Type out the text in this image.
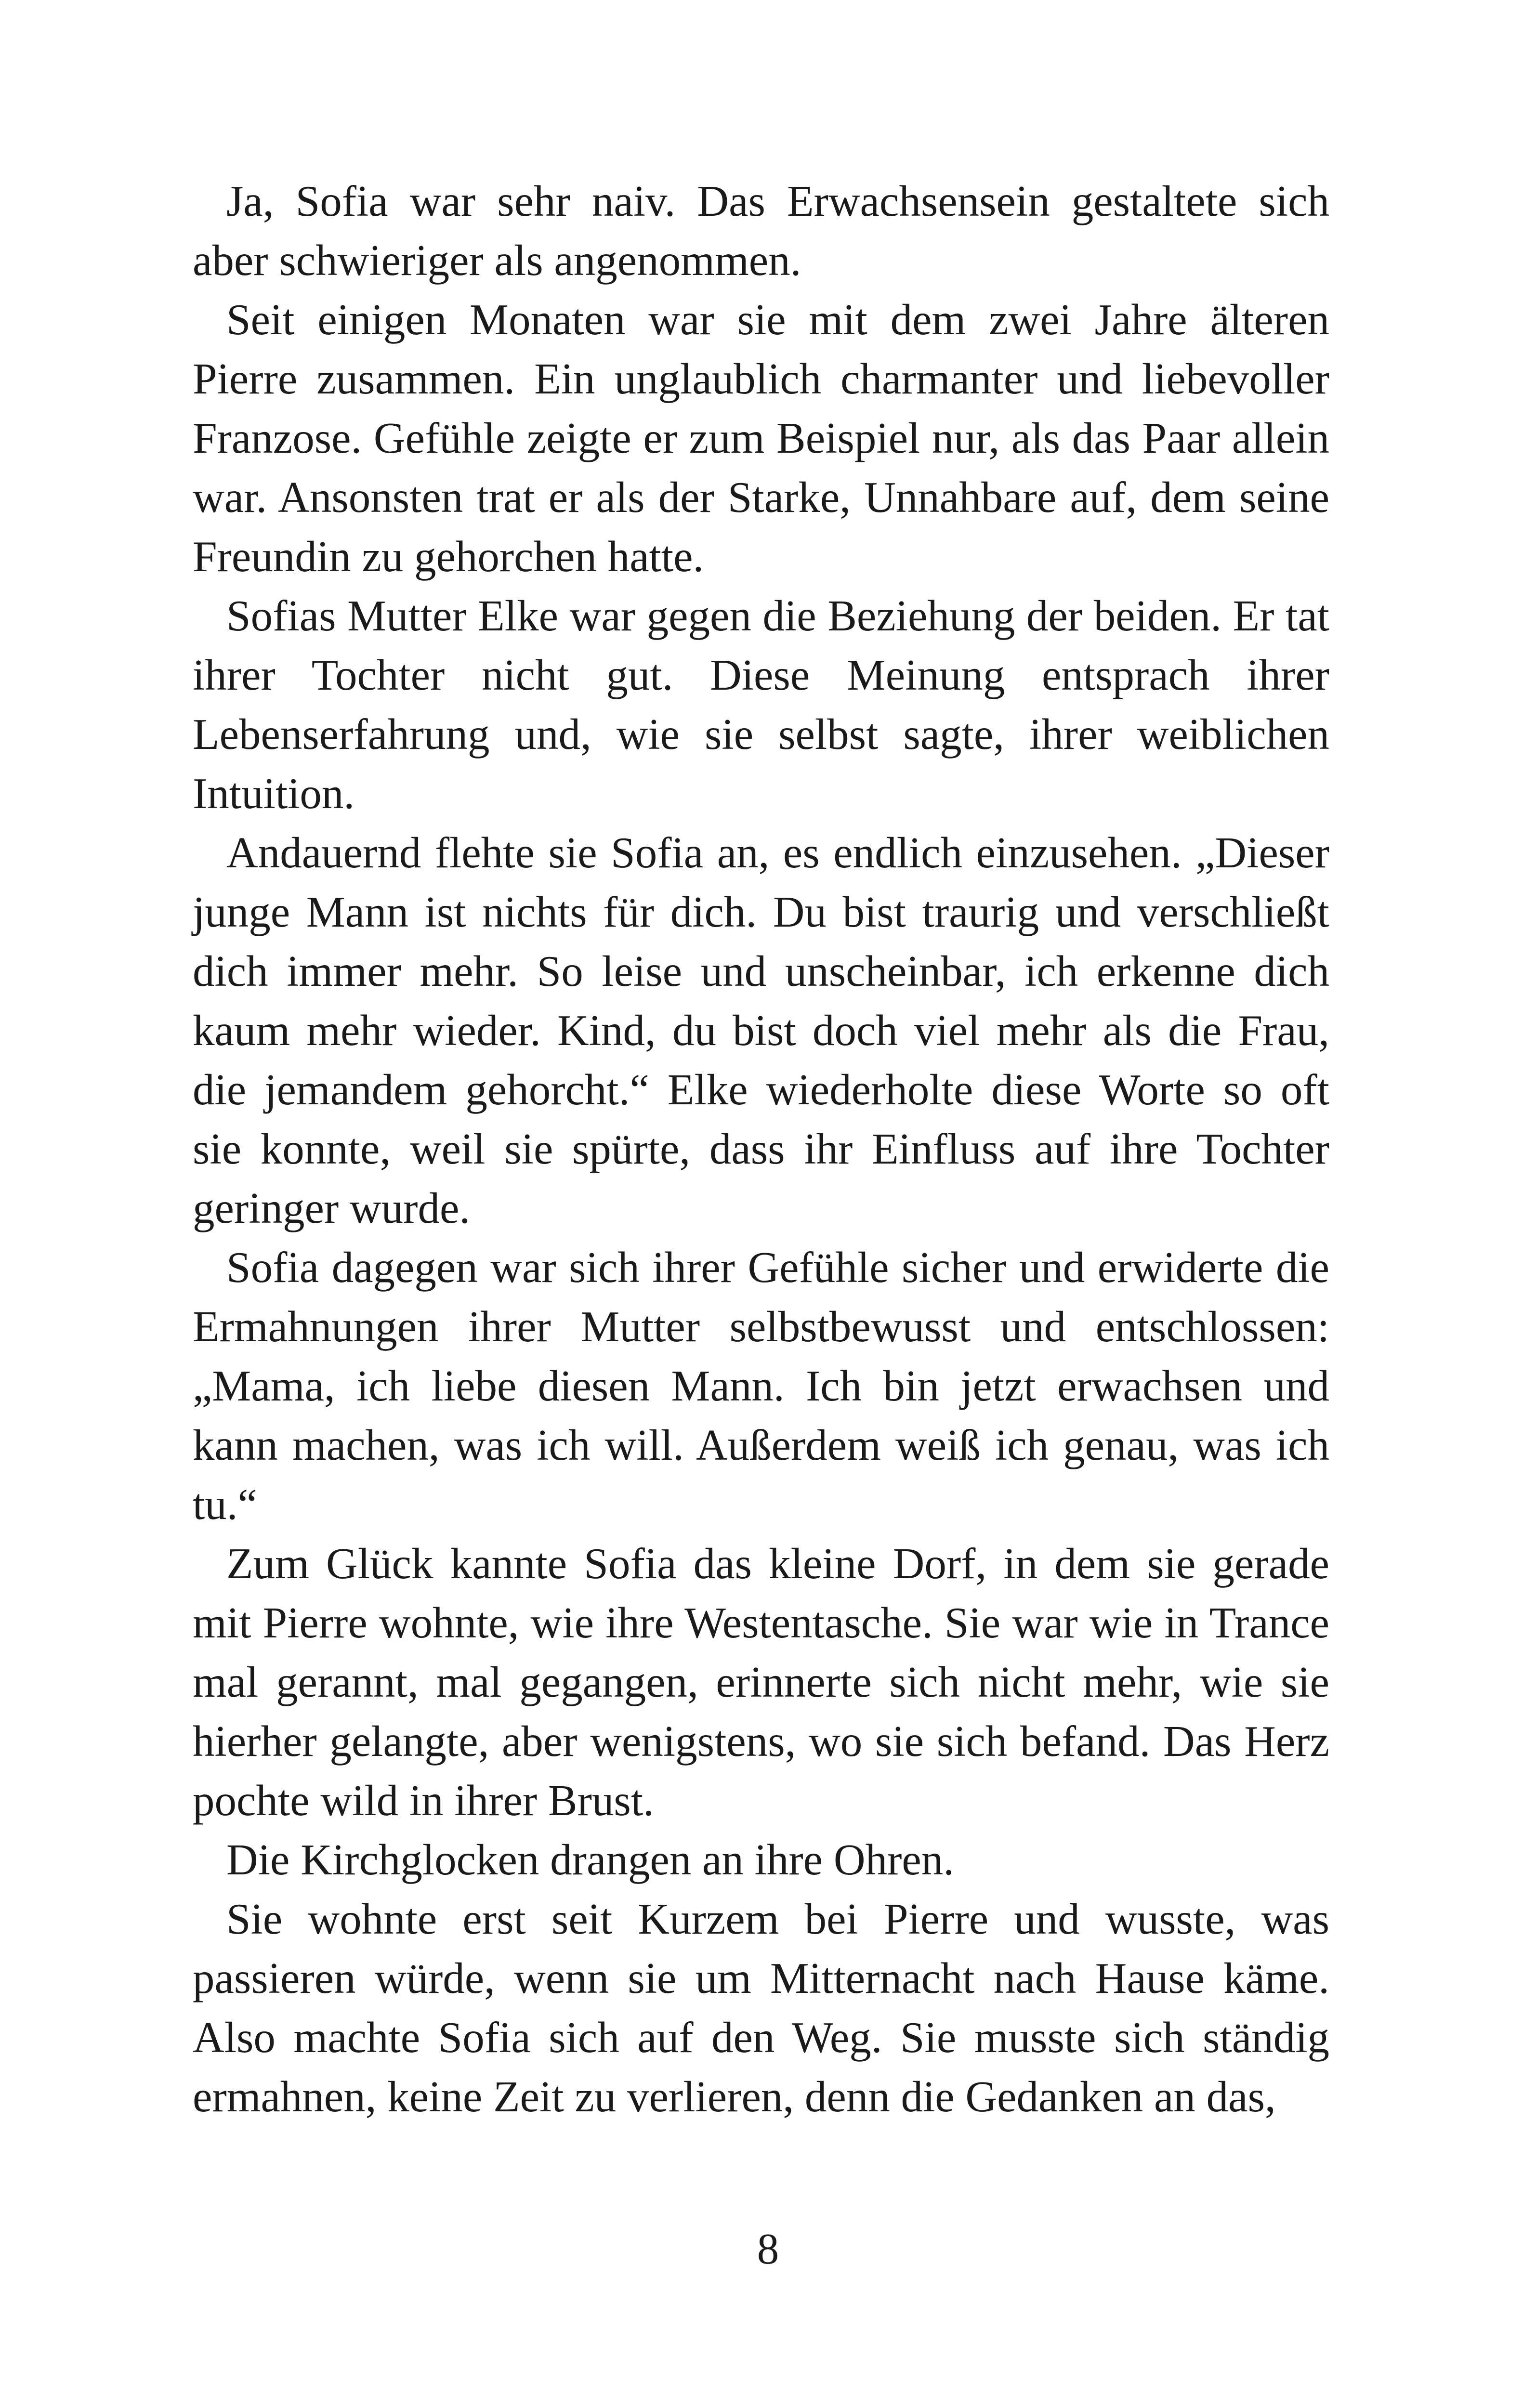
Ja, Sofia war sehr naiv. Das Erwachsensein gestaltete sich aber schwieriger als angenommen.

Seit einigen Monaten war sie mit dem zwei Jahre älteren Pierre zusammen. Ein unglaublich charmanter und liebevoller Franzose. Gefühle zeigte er zum Beispiel nur, als das Paar allein war. Ansonsten trat er als der Starke, Unnahbare auf, dem seine Freundin zu gehorchen hatte.

Sofias Mutter Elke war gegen die Beziehung der beiden. Er tat ihrer Tochter nicht gut. Diese Meinung entsprach ihrer Lebenserfahrung und, wie sie selbst sagte, ihrer weiblichen Intuition.

Andauernd flehte sie Sofia an, es endlich einzusehen. „Dieser junge Mann ist nichts für dich. Du bist traurig und verschließt dich immer mehr. So leise und unscheinbar, ich erkenne dich kaum mehr wieder. Kind, du bist doch viel mehr als die Frau, die jemandem gehorcht.“ Elke wiederholte diese Worte so oft sie konnte, weil sie spürte, dass ihr Einfluss auf ihre Tochter geringer wurde.

Sofia dagegen war sich ihrer Gefühle sicher und erwiderte die Ermahnungen ihrer Mutter selbstbewusst und entschlossen: „Mama, ich liebe diesen Mann. Ich bin jetzt erwachsen und kann machen, was ich will. Außerdem weiß ich genau, was ich tu.“

Zum Glück kannte Sofia das kleine Dorf, in dem sie gerade mit Pierre wohnte, wie ihre Westentasche. Sie war wie in Trance mal gerannt, mal gegangen, erinnerte sich nicht mehr, wie sie hierher gelangte, aber wenigstens, wo sie sich befand. Das Herz pochte wild in ihrer Brust.

Die Kirchglocken drangen an ihre Ohren.

Sie wohnte erst seit Kurzem bei Pierre und wusste, was passieren würde, wenn sie um Mitternacht nach Hause käme. Also machte Sofia sich auf den Weg. Sie musste sich ständig ermahnen, keine Zeit zu verlieren, denn die Gedanken an das,

8
